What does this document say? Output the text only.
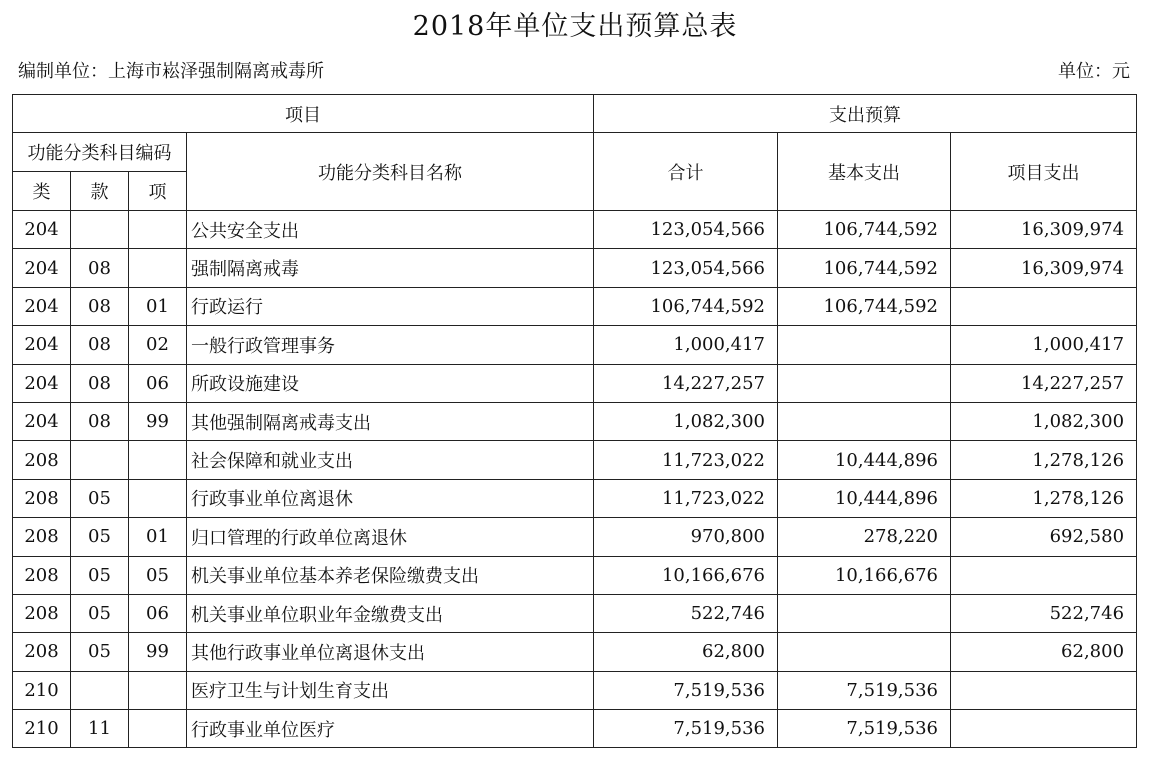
2018年单位支出预算总表
编制单位：上海市崧泽强制隔离戒毒所	单位：元
项目				支出预算		
功能分类科目编码			功能分类科目名称	合计	基本支出	项目支出
类	款	项				
204			公共安全支出	123,054,566	106,744,592	16,309,974
204	08		强制隔离戒毒	123,054,566	106,744,592	16,309,974
204	08	01	行政运行	106,744,592	106,744,592	
204	08	02	一般行政管理事务	1,000,417		1,000,417
204	08	06	所政设施建设	14,227,257		14,227,257
204	08	99	其他强制隔离戒毒支出	1,082,300		1,082,300
208			社会保障和就业支出	11,723,022	10,444,896	1,278,126
208	05		行政事业单位离退休	11,723,022	10,444,896	1,278,126
208	05	01	归口管理的行政单位离退休	970,800	278,220	692,580
208	05	05	机关事业单位基本养老保险缴费支出	10,166,676	10,166,676	
208	05	06	机关事业单位职业年金缴费支出	522,746		522,746
208	05	99	其他行政事业单位离退休支出	62,800		62,800
210			医疗卫生与计划生育支出	7,519,536	7,519,536	
210	11		行政事业单位医疗	7,519,536	7,519,536	
